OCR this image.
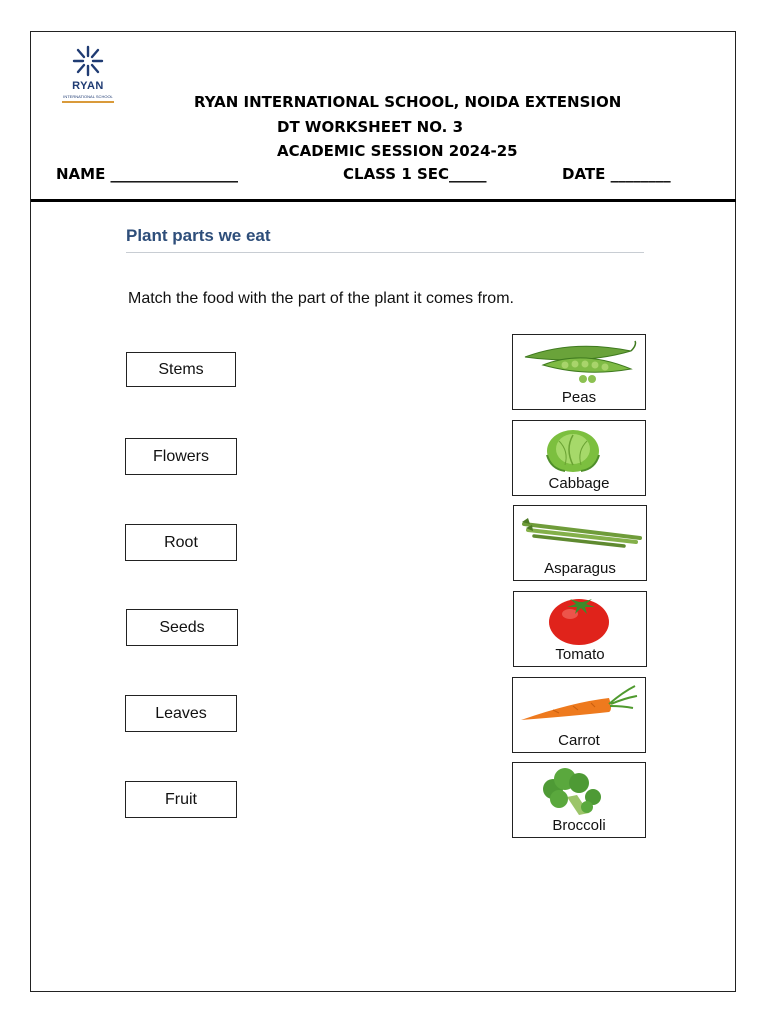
RYAN
INTERNATIONAL SCHOOL	RYAN INTERNATIONAL SCHOOL, NOIDA EXTENSION
DT WORKSHEET NO. 3
ACADEMIC SESSION 2024-25
NAME _________________	CLASS 1 SEC_____	DATE ________
Plant parts we eat
Match the food with the part of the plant it comes from.
Stems
Flowers
Root
Seeds
Leaves
Fruit
Peas
Cabbage
Asparagus
Tomato
Carrot
Broccoli
